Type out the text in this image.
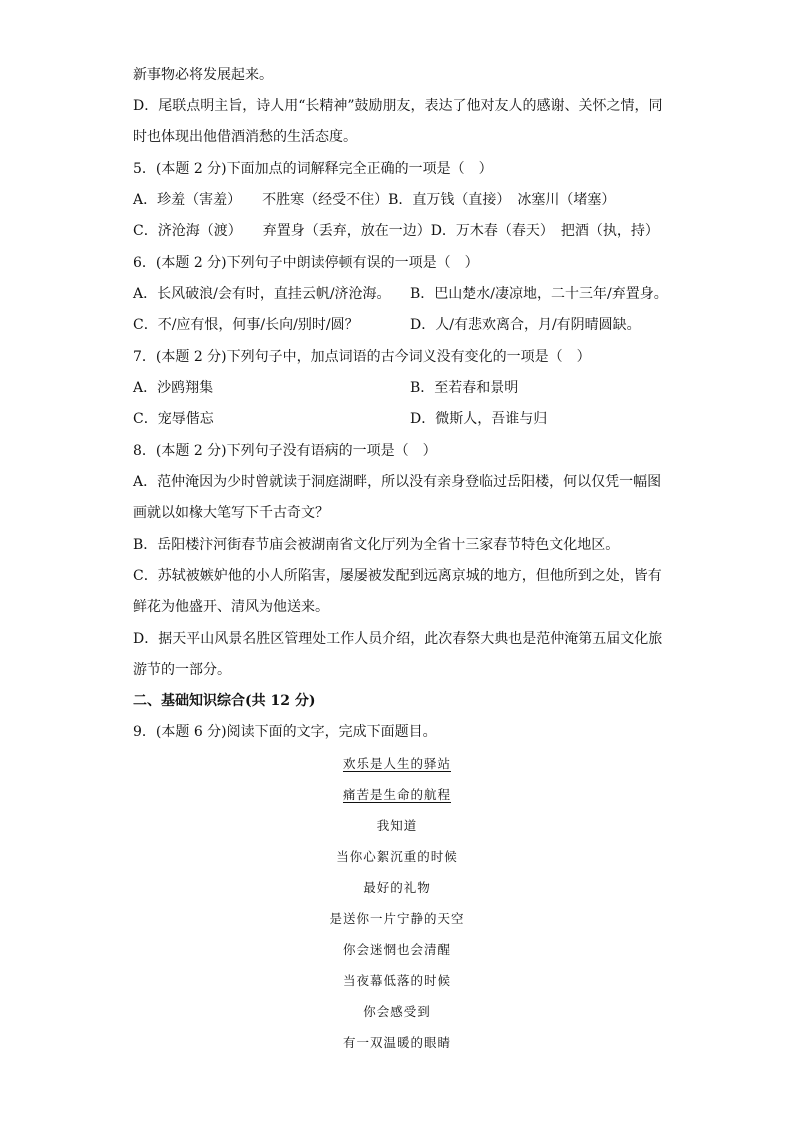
新事物必将发展起来。
D．尾联点明主旨，诗人用“长精神”鼓励朋友，表达了他对友人的感谢、关怀之情，同
时也体现出他借酒消愁的生活态度。
5．(本题 2 分)下面加点的词解释完全正确的一项是（　）
A．珍羞（害羞）　　不胜寒（经受不住）B．直万钱（直接）　冰塞川（堵塞）
C．济沧海（渡）　　弃置身（丢弃，放在一边）D．万木春（春天）　把酒（执，持）
6．(本题 2 分)下列句子中朗读停顿有误的一项是（　）
A．长风破浪/会有时，直挂云帆/济沧海。 B．巴山楚水/凄凉地，二十三年/弃置身。
C．不/应有恨，何事/长向/别时/圆？	D．人/有悲欢离合，月/有阴晴圆缺。
7．(本题 2 分)下列句子中，加点词语的古今词义没有变化的一项是（　）
A．沙鸥翔集	B．至若春和景明
C．宠辱偕忘	D．微斯人，吾谁与归
8．(本题 2 分)下列句子没有语病的一项是（　）
A．范仲淹因为少时曾就读于洞庭湖畔，所以没有亲身登临过岳阳楼，何以仅凭一幅图
画就以如椽大笔写下千古奇文？
B．岳阳楼汴河街春节庙会被湖南省文化厅列为全省十三家春节特色文化地区。
C．苏轼被嫉妒他的小人所陷害，屡屡被发配到远离京城的地方，但他所到之处，皆有
鲜花为他盛开、清风为他送来。
D．据天平山风景名胜区管理处工作人员介绍，此次春祭大典也是范仲淹第五届文化旅
游节的一部分。
二、基础知识综合(共 12 分)
9．(本题 6 分)阅读下面的文字，完成下面题目。
欢乐是人生的驿站
痛苦是生命的航程
我知道
当你心絮沉重的时候
最好的礼物
是送你一片宁静的天空
你会迷惘也会清醒
当夜幕低落的时候
你会感受到
有一双温暖的眼睛
